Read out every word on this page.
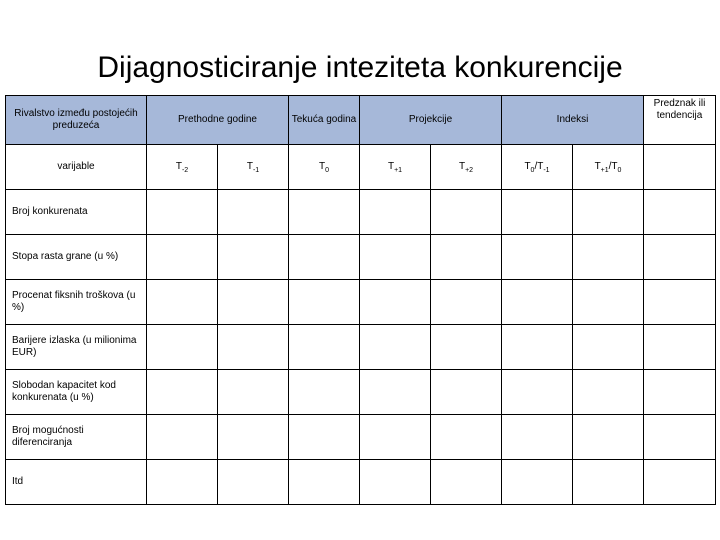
Dijagnosticiranje inteziteta konkurencije
Rivalstvo između postojećih preduzeća	Prethodne godine		Tekuća godina	Projekcije		Indeksi		Predznak ili tendencija
varijable	$T_{-2}$	$T_{-1}$	$T_0$	$T_{+1}$	$T_{+2}$	$T_0/T_{-1}$	$T_{+1}/T_0$	
Broj konkurenata								
Stopa rasta grane (u %)								
Procenat fiksnih troškova (u %)								
Barijere izlaska (u milionima EUR)								
Slobodan kapacitet kod konkurenata (u %)								
Broj mogućnosti diferenciranja								
Itd								
